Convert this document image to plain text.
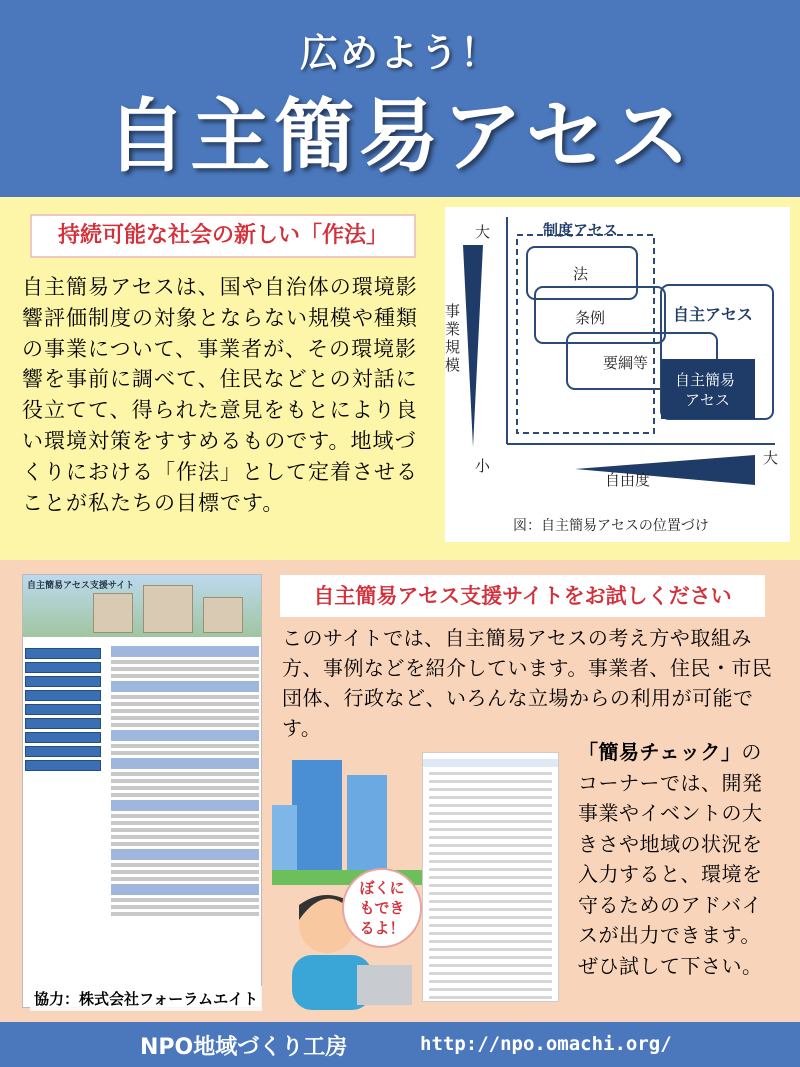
広めよう！
自主簡易アセス
持続可能な社会の新しい「作法」
自主簡易アセスは、国や自治体の環境影響評価制度の対象とならない規模や種類の事業について、事業者が、その環境影響を事前に調べて、住民などとの対話に役立てて、得られた意見をもとにより良い環境対策をすすめるものです。地域づくりにおける「作法」として定着させることが私たちの目標です。
大
小
事業規模
大
自由度
制度アセス
法
条例
要綱等
自主アセス
自主簡易
アセス
図：自主簡易アセスの位置づけ
自主簡易アセス支援サイト
協力：株式会社フォーラムエイト
自主簡易アセス支援サイトをお試しください
このサイトでは、自主簡易アセスの考え方や取組み方、事例などを紹介しています。事業者、住民・市民団体、行政など、いろんな立場からの利用が可能です。
ぼくに
もでき
るよ！
「簡易チェック」のコーナーでは、開発事業やイベントの大きさや地域の状況を入力すると、環境を守るためのアドバイスが出力できます。ぜひ試して下さい。
NPO地域づくり工房	http://npo.omachi.org/
